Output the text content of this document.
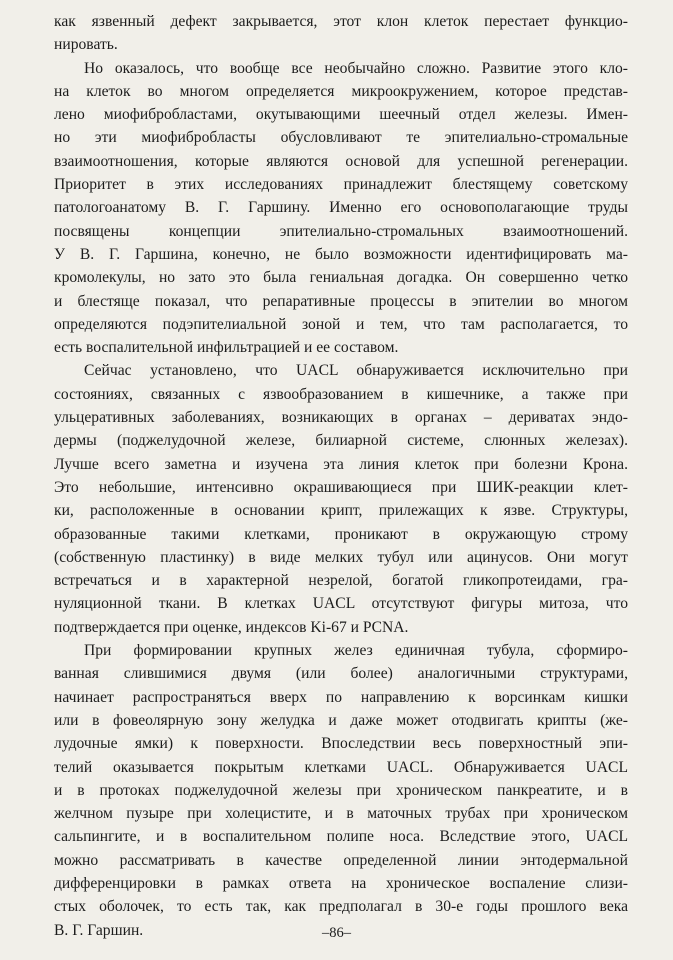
как язвенный дефект закрывается, этот клон клеток перестает функцио-
нировать.
Но оказалось, что вообще все необычайно сложно. Развитие этого кло-
на клеток во многом определяется микроокружением, которое представ-
лено миофибробластами, окутывающими шеечный отдел железы. Имен-
но эти миофибробласты обусловливают те эпителиально-стромальные
взаимоотношения, которые являются основой для успешной регенерации.
Приоритет в этих исследованиях принадлежит блестящему советскому
патологоанатому В. Г. Гаршину. Именно его основополагающие труды
посвящены концепции эпителиально-стромальных взаимоотношений.
У В. Г. Гаршина, конечно, не было возможности идентифицировать ма-
кромолекулы, но зато это была гениальная догадка. Он совершенно четко
и блестяще показал, что репаративные процессы в эпителии во многом
определяются подэпителиальной зоной и тем, что там располагается, то
есть воспалительной инфильтрацией и ее составом.
Сейчас установлено, что UACL обнаруживается исключительно при
состояниях, связанных с язвообразованием в кишечнике, а также при
ульцеративных заболеваниях, возникающих в органах – дериватах эндо-
дермы (поджелудочной железе, билиарной системе, слюнных железах).
Лучше всего заметна и изучена эта линия клеток при болезни Крона.
Это небольшие, интенсивно окрашивающиеся при ШИК-реакции клет-
ки, расположенные в основании крипт, прилежащих к язве. Структуры,
образованные такими клетками, проникают в окружающую строму
(собственную пластинку) в виде мелких тубул или ацинусов. Они могут
встречаться и в характерной незрелой, богатой гликопротеидами, гра-
нуляционной ткани. В клетках UACL отсутствуют фигуры митоза, что
подтверждается при оценке, индексов Ki-67 и PCNA.
При формировании крупных желез единичная тубула, сформиро-
ванная слившимися двумя (или более) аналогичными структурами,
начинает распространяться вверх по направлению к ворсинкам кишки
или в фовеолярную зону желудка и даже может отодвигать крипты (же-
лудочные ямки) к поверхности. Впоследствии весь поверхностный эпи-
телий оказывается покрытым клетками UACL. Обнаруживается UACL
и в протоках поджелудочной железы при хроническом панкреатите, и в
желчном пузыре при холецистите, и в маточных трубах при хроническом
сальпингите, и в воспалительном полипе носа. Вследствие этого, UACL
можно рассматривать в качестве определенной линии энтодермальной
дифференцировки в рамках ответа на хроническое воспаление слизи-
стых оболочек, то есть так, как предполагал в 30-е годы прошлого века
В. Г. Гаршин.	–86–
